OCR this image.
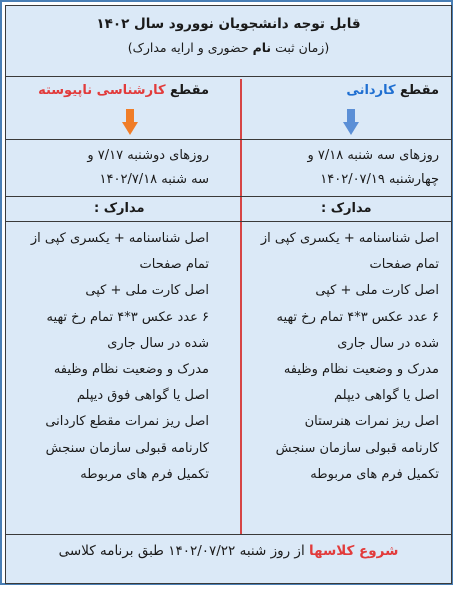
قابل توجه دانشجویان نوورود سال ۱۴۰۲
(زمان ثبت نام حضوری و ارایه مدارک)
مقطع کاردانی
مقطع کارشناسی ناپیوسته
روزهای سه شنبه ۷/۱۸ و
چهارشنبه ۱۴۰۲/۰۷/۱۹
روزهای دوشنبه ۷/۱۷ و
سه شنبه ۱۴۰۲/۷/۱۸
مدارک :
مدارک :
اصل شناسنامه + یکسری کپی از
تمام صفحات
اصل کارت ملی + کپی
۶ عدد عکس ۳*۴ تمام رخ تهیه
شده در سال جاری
مدرک و وضعیت نظام وظیفه
اصل یا گواهی دیپلم
اصل ریز نمرات هنرستان
کارنامه قبولی سازمان سنجش
تکمیل فرم های مربوطه
اصل شناسنامه + یکسری کپی از
تمام صفحات
اصل کارت ملی + کپی
۶ عدد عکس ۳*۴ تمام رخ تهیه
شده در سال جاری
مدرک و وضعیت نظام وظیفه
اصل یا گواهی فوق دیپلم
اصل ریز نمرات مقطع کاردانی
کارنامه قبولی سازمان سنجش
تکمیل فرم های مربوطه
شروع کلاسها از روز شنبه ۱۴۰۲/۰۷/۲۲ طبق برنامه کلاسی
